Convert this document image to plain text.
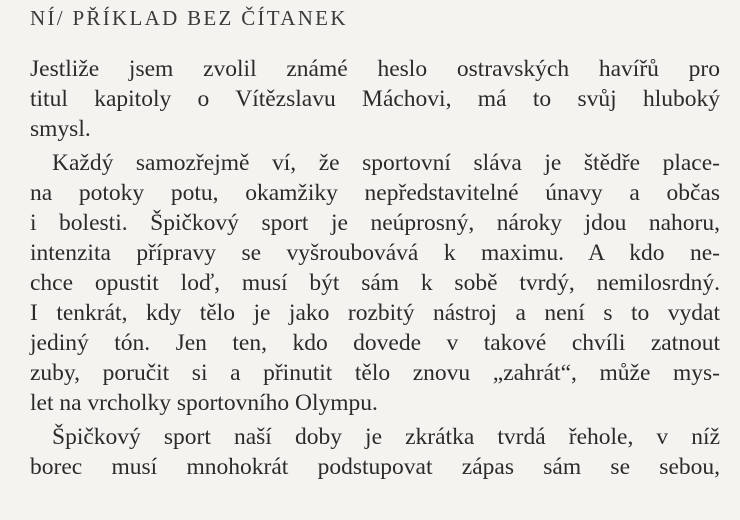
NÍ/ PŘÍKLAD BEZ ČÍTANEK

Jestliže jsem zvolil známé heslo ostravských havířů pro
titul kapitoly o Vítězslavu Máchovi, má to svůj hluboký
smysl.

Každý samozřejmě ví, že sportovní sláva je štědře placе-
na potoky potu, okamžiky nepředstavitelné únavy a občas
i bolesti. Špičkový sport je neúprosný, nároky jdou nahoru,
intenzita přípravy se vyšroubovává k maximu. A kdo ne-
chce opustit loď, musí být sám k sobě tvrdý, nemilosrdný.
I tenkrát, kdy tělo je jako rozbitý nástroj a není s to vydat
jediný tón. Jen ten, kdo dovede v takové chvíli zatnout
zuby, poručit si a přinutit tělo znovu „zahrát“, může mys-
let na vrcholky sportovního Olympu.

Špičkový sport naší doby je zkrátka tvrdá řehole, v níž
borec musí mnohokrát podstupovat zápas sám se sebou,
